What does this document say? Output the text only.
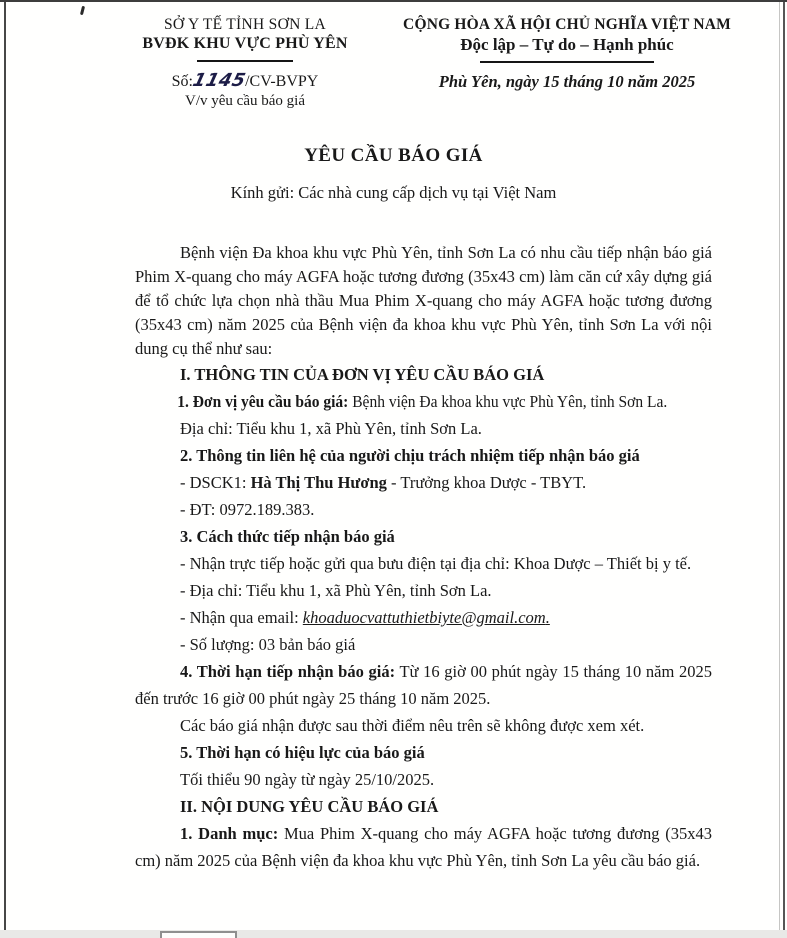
SỞ Y TẾ TỈNH SƠN LA
BVĐK KHU VỰC PHÙ YÊN
Số:1145/CV-BVPY
V/v yêu cầu báo giá
CỘNG HÒA XÃ HỘI CHỦ NGHĨA VIỆT NAM
Độc lập – Tự do – Hạnh phúc
Phù Yên, ngày 15 tháng 10 năm 2025
YÊU CẦU BÁO GIÁ
Kính gửi: Các nhà cung cấp dịch vụ tại Việt Nam

Bệnh viện Đa khoa khu vực Phù Yên, tỉnh Sơn La có nhu cầu tiếp nhận báo giá Phim X-quang cho máy AGFA hoặc tương đương (35x43 cm) làm căn cứ xây dựng giá để tổ chức lựa chọn nhà thầu Mua Phim X-quang cho máy AGFA hoặc tương đương (35x43 cm) năm 2025 của Bệnh viện đa khoa khu vực Phù Yên, tỉnh Sơn La với nội dung cụ thể như sau:

I. THÔNG TIN CỦA ĐƠN VỊ YÊU CẦU BÁO GIÁ

1. Đơn vị yêu cầu báo giá: Bệnh viện Đa khoa khu vực Phù Yên, tỉnh Sơn La.

Địa chỉ: Tiểu khu 1, xã Phù Yên, tỉnh Sơn La.

2. Thông tin liên hệ của người chịu trách nhiệm tiếp nhận báo giá

- DSCK1: Hà Thị Thu Hương - Trưởng khoa Dược - TBYT.

- ĐT: 0972.189.383.

3. Cách thức tiếp nhận báo giá

- Nhận trực tiếp hoặc gửi qua bưu điện tại địa chỉ: Khoa Dược – Thiết bị y tế.

- Địa chỉ: Tiểu khu 1, xã Phù Yên, tỉnh Sơn La.

- Nhận qua email: khoaduocvattuthietbiyte@gmail.com.

- Số lượng: 03 bản báo giá

4. Thời hạn tiếp nhận báo giá: Từ 16 giờ 00 phút ngày 15 tháng 10 năm 2025 đến trước 16 giờ 00 phút ngày 25 tháng 10 năm 2025.

Các báo giá nhận được sau thời điểm nêu trên sẽ không được xem xét.

5. Thời hạn có hiệu lực của báo giá

Tối thiểu 90 ngày từ ngày 25/10/2025.

II. NỘI DUNG YÊU CẦU BÁO GIÁ

1. Danh mục: Mua Phim X-quang cho máy AGFA hoặc tương đương (35x43 cm) năm 2025 của Bệnh viện đa khoa khu vực Phù Yên, tỉnh Sơn La yêu cầu báo giá.
